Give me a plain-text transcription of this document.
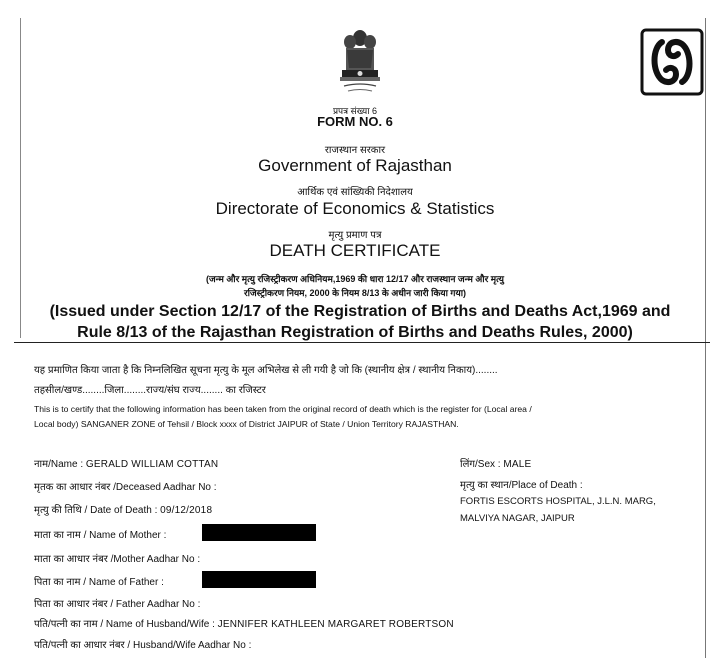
प्रपत्र संख्या 6
FORM NO. 6
राजस्थान सरकार
Government of Rajasthan
आर्थिक एवं सांख्यिकी निदेशालय
Directorate of Economics & Statistics
मृत्यु प्रमाण पत्र
DEATH CERTIFICATE
(जन्म और मृत्यु रजिस्ट्रीकरण अधिनियम,1969 की धारा 12/17 और राजस्थान जन्म और मृत्यु
रजिस्ट्रीकरण नियम, 2000 के नियम 8/13 के अधीन जारी किया गया)
(Issued under Section 12/17 of the Registration of Births and Deaths Act,1969 and
Rule 8/13 of the Rajasthan Registration of Births and Deaths Rules, 2000)
यह प्रमाणित किया जाता है कि निम्नलिखित सूचना मृत्यु के मूल अभिलेख से ली गयी है जो कि (स्थानीय क्षेत्र / स्थानीय निकाय)........
तहसील/खण्ड........जिला........राज्य/संघ राज्य........ का रजिस्टर
This is to certify that the following information has been taken from the original record of death which is the register for (Local area /
Local body) SANGANER ZONE of Tehsil / Block xxxx of District JAIPUR of State / Union Territory RAJASTHAN.
नाम/Name : GERALD WILLIAM COTTAN	लिंग/Sex : MALE
मृतक का आधार नंबर /Deceased Aadhar No :	मृत्यु का स्थान/Place of Death :
FORTIS ESCORTS HOSPITAL, J.L.N. MARG,
MALVIYA NAGAR, JAIPUR
मृत्यु की तिथि / Date of Death : 09/12/2018
माता का नाम / Name of Mother :
माता का आधार नंबर /Mother Aadhar No :
पिता का नाम / Name of Father :
पिता का आधार नंबर / Father Aadhar No :
पति/पत्नी का नाम / Name of Husband/Wife : JENNIFER KATHLEEN MARGARET ROBERTSON
पति/पत्नी का आधार नंबर / Husband/Wife Aadhar No :
